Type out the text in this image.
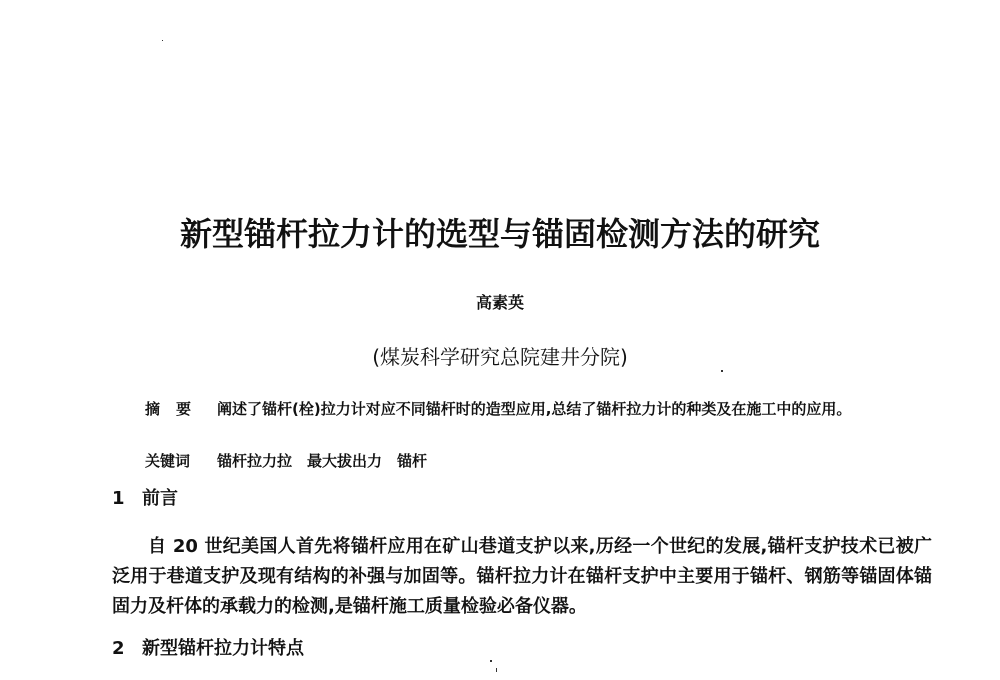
新型锚杆拉力计的选型与锚固检测方法的研究
高素英
(煤炭科学研究总院建井分院)
摘要 阐述了锚杆(栓)拉力计对应不同锚杆时的造型应用,总结了锚杆拉力计的种类及在施工中的应用。
关键词 锚杆拉力拉　最大拔出力　锚杆
1 前言
自 20 世纪美国人首先将锚杆应用在矿山巷道支护以来,历经一个世纪的发展,锚杆支护技术已被广泛用于巷道支护及现有结构的补强与加固等。锚杆拉力计在锚杆支护中主要用于锚杆、钢筋等锚固体锚固力及杆体的承载力的检测,是锚杆施工质量检验必备仪器。
2 新型锚杆拉力计特点
